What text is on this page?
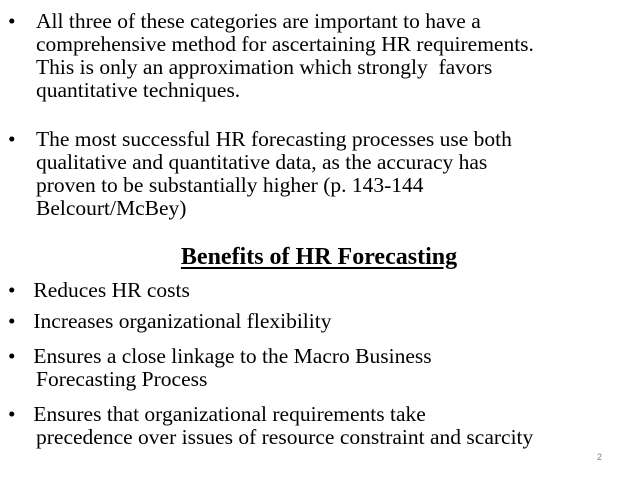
• All three of these categories are important to have a
comprehensive method for ascertaining HR requirements.
This is only an approximation which strongly  favors
quantitative techniques.
• The most successful HR forecasting processes use both
qualitative and quantitative data, as the accuracy has
proven to be substantially higher (p. 143-144
Belcourt/McBey)
Benefits of HR Forecasting
• Reduces HR costs
• Increases organizational flexibility
• Ensures a close linkage to the Macro Business
Forecasting Process
• Ensures that organizational requirements take
precedence over issues of resource constraint and scarcity
2
